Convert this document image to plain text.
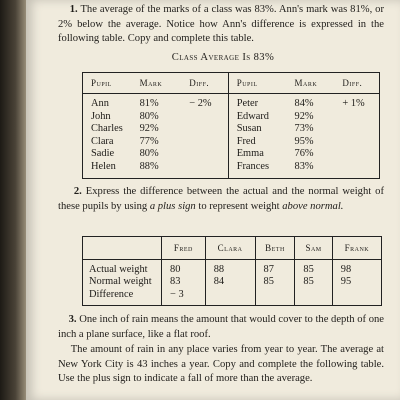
1. The average of the marks of a class was 83%. Ann's mark was 81%, or 2% below the average. Notice how Ann's difference is expressed in the following table. Copy and complete this table.

Class Average Is 83%
Pupil	Mark	Diff.	Pupil	Mark	Diff.
Ann	81%	− 2%	Peter	84%	+ 1%
John	80%		Edward	92%	
Charles	92%		Susan	73%	
Clara	77%		Fred	95%	
Sadie	80%		Emma	76%	
Helen	88%		Frances	83%	

2. Express the difference between the actual and the normal weight of these pupils by using a plus sign to represent weight above normal.

	Fred	Clara	Beth	Sam	Frank
Actual weight	80	88	87	85	98
Normal weight	83	84	85	85	95
Difference	− 3				

3. One inch of rain means the amount that would cover to the depth of one inch a plane surface, like a flat roof.

The amount of rain in any place varies from year to year. The average at New York City is 43 inches a year. Copy and complete the following table. Use the plus sign to indicate a fall of more than the average.
